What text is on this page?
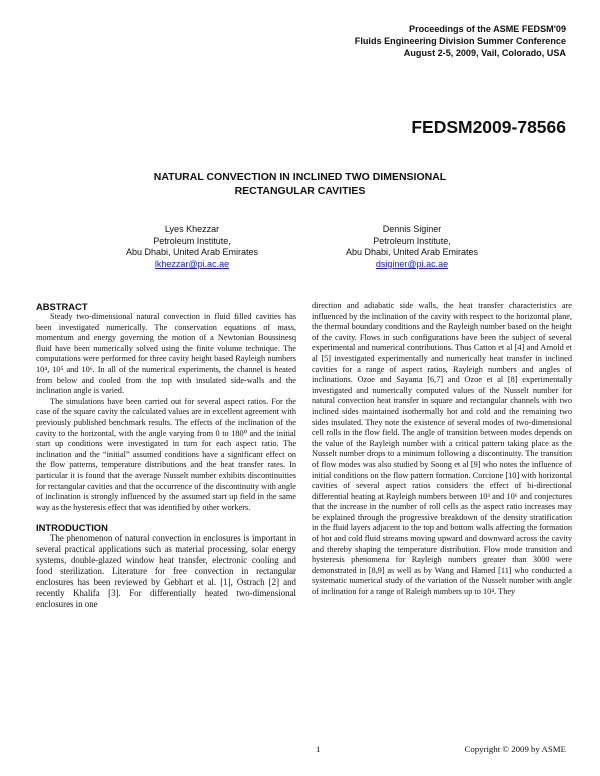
Proceedings of the ASME FEDSM'09
Fluids Engineering Division Summer Conference
August 2-5, 2009, Vail, Colorado, USA
FEDSM2009-78566
NATURAL CONVECTION IN INCLINED TWO DIMENSIONAL
RECTANGULAR CAVITIES
Lyes Khezzar
Petroleum Institute,
Abu Dhabi, United Arab Emirates
lkhezzar@pi.ac.ae
Dennis Siginer
Petroleum Institute,
Abu Dhabi, United Arab Emirates
dsiginer@pi.ac.ae
ABSTRACT

Steady two-dimensional natural convection in fluid filled cavities has been investigated numerically. The conservation equations of mass, momentum and energy governing the motion of a Newtonian Boussinesq fluid have been numerically solved using the finite volume technique. The computations were performed for three cavity height based Rayleigh numbers 10⁴, 10⁵ and 10⁶. In all of the numerical experiments, the channel is heated from below and cooled from the top with insulated side-walls and the inclination angle is varied.

The simulations have been carried out for several aspect ratios. For the case of the square cavity the calculated values are in excellent agreement with previously published benchmark results. The effects of the inclination of the cavity to the horizontal, with the angle varying from 0 to 180⁰ and the initial start up conditions were investigated in turn for each aspect ratio. The inclination and the “initial” assumed conditions have a significant effect on the flow patterns, temperature distributions and the heat transfer rates. In particular it is found that the average Nusselt number exhibits discontinuities for rectangular cavities and that the occurrence of the discontinuity with angle of inclination is strongly influenced by the assumed start up field in the same way as the hysteresis effect that was identified by other workers.

INTRODUCTION

The phenomenon of natural convection in enclosures is important in several practical applications such as material processing, solar energy systems, double-glazed window heat transfer, electronic cooling and food sterilization. Literature for free convection in rectangular enclosures has been reviewed by Gebhart et al. [1], Ostrach [2] and recently Khalifa [3]. For differentially heated two-dimensional enclosures in one

direction and adiabatic side walls, the heat transfer characteristics are influenced by the inclination of the cavity with respect to the horizontal plane, the thermal boundary conditions and the Rayleigh number based on the height of the cavity. Flows in such configurations have been the subject of several experimental and numerical contributions. Thus Catton et al [4] and Arnold et al [5] investigated experimentally and numerically heat transfer in inclined cavities for a range of aspect ratios, Rayleigh numbers and angles of inclinations. Ozoe and Sayama [6,7] and Ozoe et al [8] experimentally investigated and numerically computed values of the Nusselt number for natural convection heat transfer in square and rectangular channels with two inclined sides maintained isothermally hot and cold and the remaining two sides insulated. They note the existence of several modes of two-dimensional cell rolls in the flow field. The angle of transition between modes depends on the value of the Rayleigh number with a critical pattern taking place as the Nusselt number drops to a minimum following a discontinuity. The transition of flow modes was also studied by Soong et al [9] who notes the influence of initial conditions on the flow pattern formation. Corcione [10] with horizontal cavities of several aspect ratios considers the effect of bi-directional differential heating at Rayleigh numbers between 10³ and 10⁶ and conjectures that the increase in the number of roll cells as the aspect ratio increases may be explained through the progressive breakdown of the density stratification in the fluid layers adjacent to the top and bottom walls affecting the formation of hot and cold fluid streams moving upward and downward across the cavity and thereby shaping the temperature distribution. Flow mode transition and hysteresis phenomena for Rayleigh numbers greater than 3000 were demonstrated in [8,9] as well as by Wang and Hamed [11] who conducted a systematic numerical study of the variation of the Nusselt number with angle of inclination for a range of Raleigh numbers up to 10⁴. They

1	Copyright © 2009 by ASME
